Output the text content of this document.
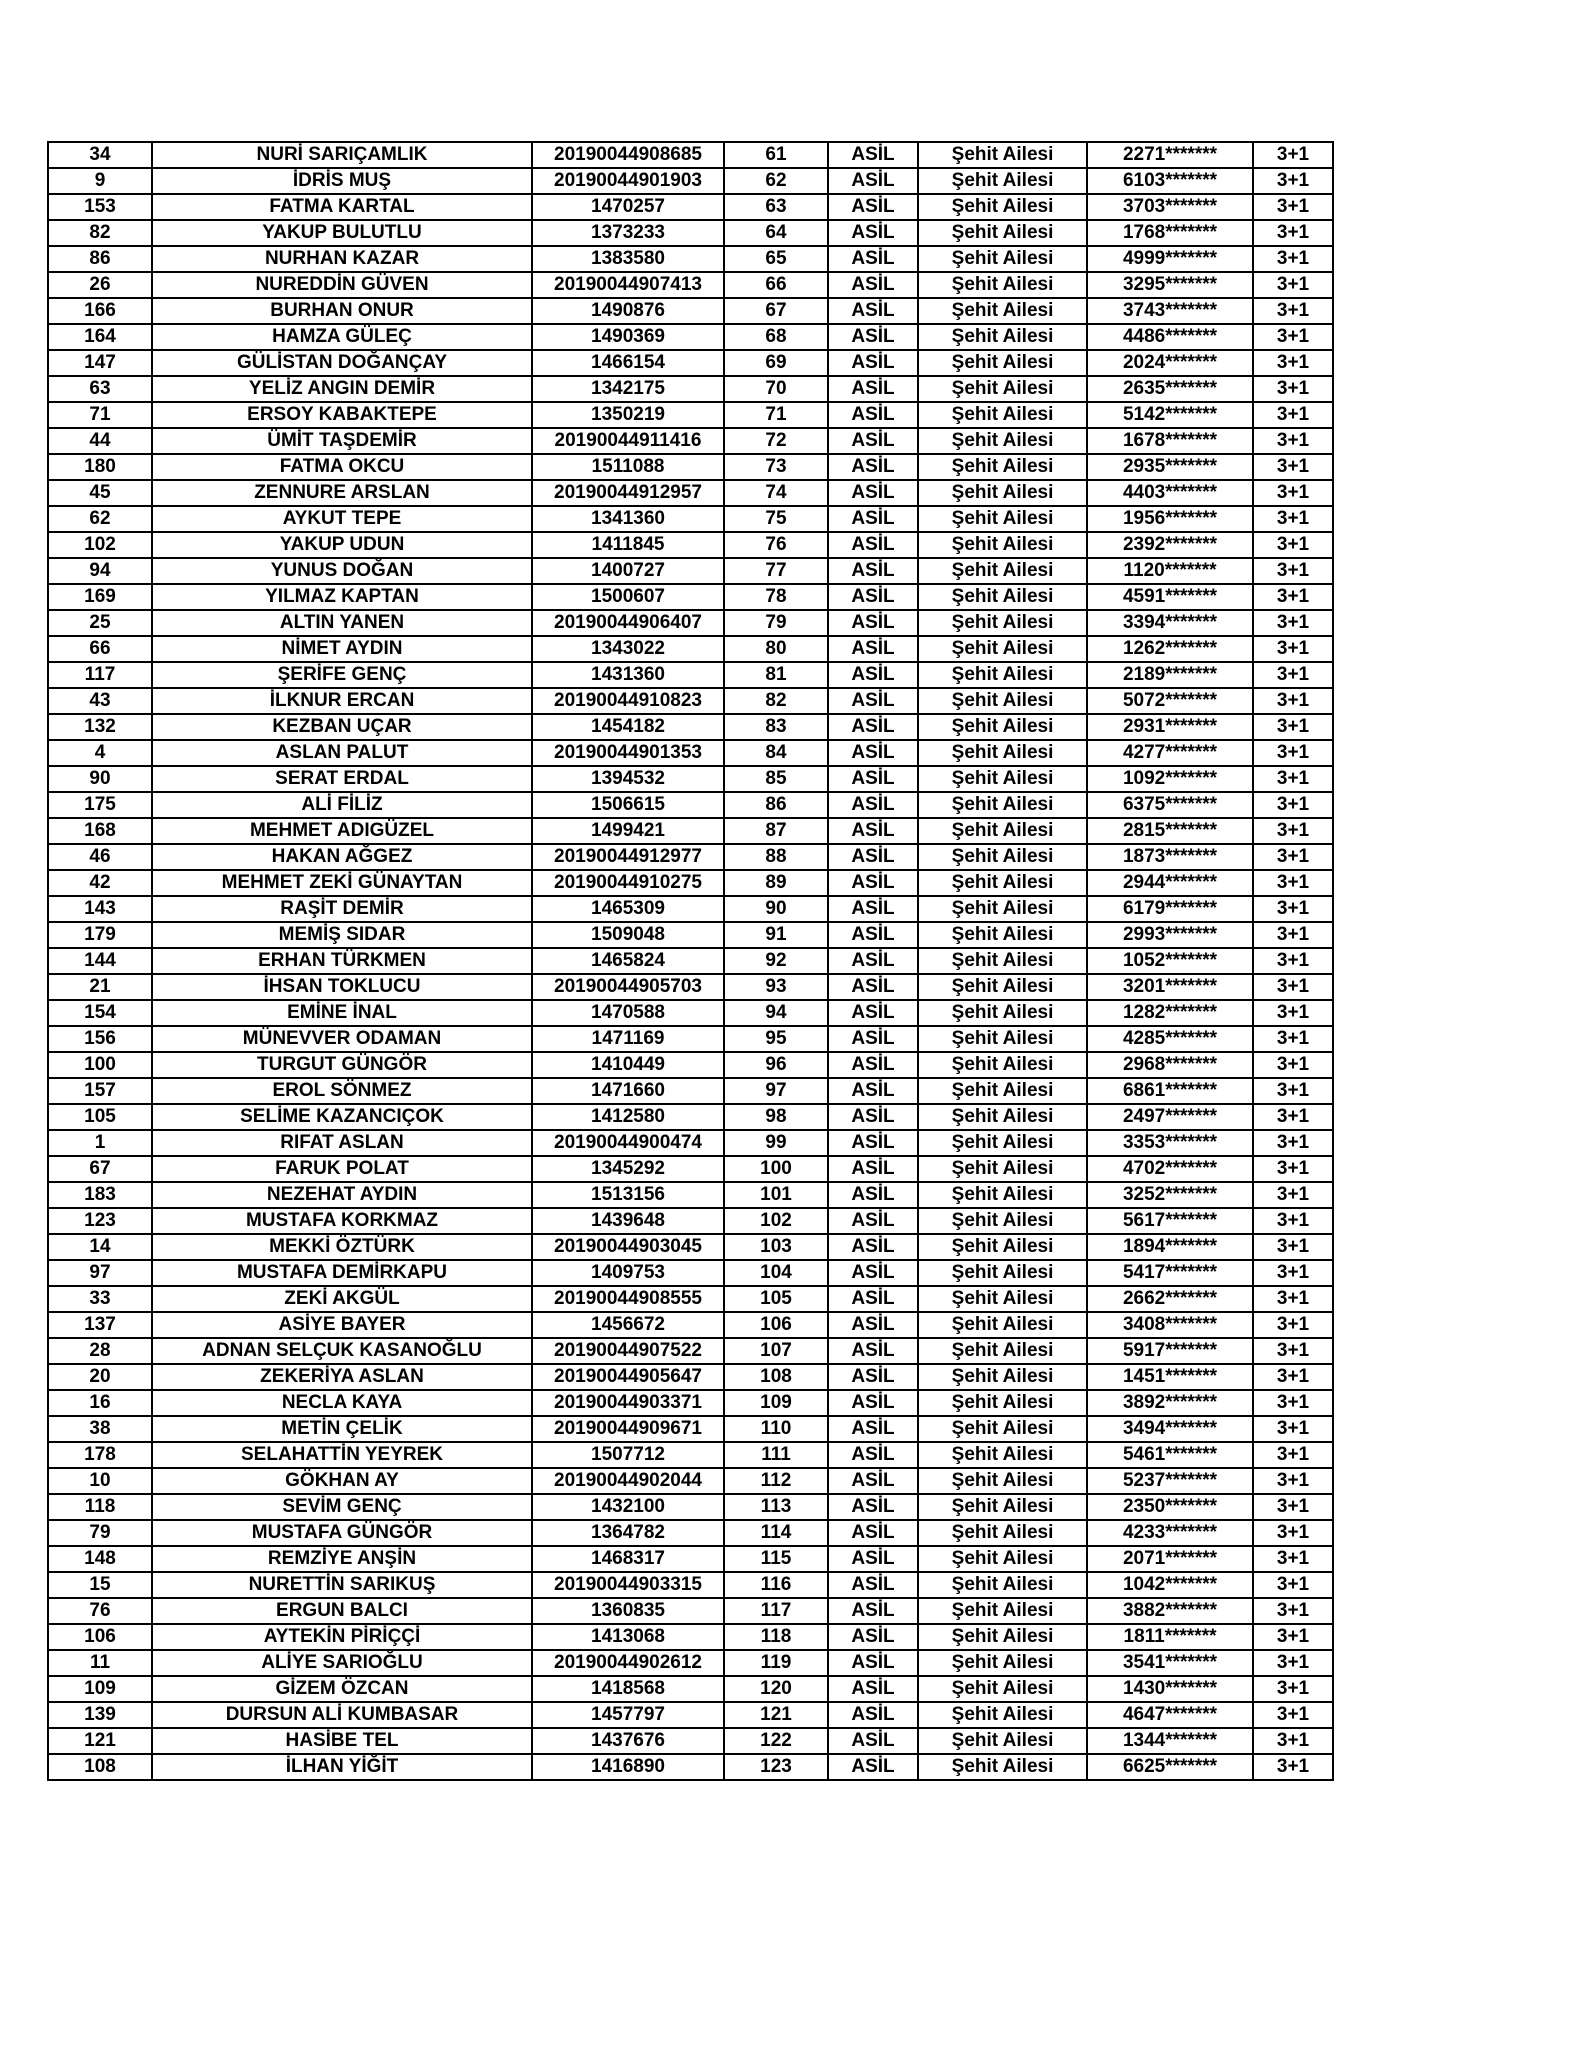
34	NURİ SARIÇAMLIK	20190044908685	61	ASİL	Şehit Ailesi	2271*******	3+1
9	İDRİS MUŞ	20190044901903	62	ASİL	Şehit Ailesi	6103*******	3+1
153	FATMA KARTAL	1470257	63	ASİL	Şehit Ailesi	3703*******	3+1
82	YAKUP BULUTLU	1373233	64	ASİL	Şehit Ailesi	1768*******	3+1
86	NURHAN KAZAR	1383580	65	ASİL	Şehit Ailesi	4999*******	3+1
26	NUREDDİN GÜVEN	20190044907413	66	ASİL	Şehit Ailesi	3295*******	3+1
166	BURHAN ONUR	1490876	67	ASİL	Şehit Ailesi	3743*******	3+1
164	HAMZA GÜLEÇ	1490369	68	ASİL	Şehit Ailesi	4486*******	3+1
147	GÜLİSTAN DOĞANÇAY	1466154	69	ASİL	Şehit Ailesi	2024*******	3+1
63	YELİZ ANGIN DEMİR	1342175	70	ASİL	Şehit Ailesi	2635*******	3+1
71	ERSOY KABAKTEPE	1350219	71	ASİL	Şehit Ailesi	5142*******	3+1
44	ÜMİT TAŞDEMİR	20190044911416	72	ASİL	Şehit Ailesi	1678*******	3+1
180	FATMA OKCU	1511088	73	ASİL	Şehit Ailesi	2935*******	3+1
45	ZENNURE ARSLAN	20190044912957	74	ASİL	Şehit Ailesi	4403*******	3+1
62	AYKUT TEPE	1341360	75	ASİL	Şehit Ailesi	1956*******	3+1
102	YAKUP UDUN	1411845	76	ASİL	Şehit Ailesi	2392*******	3+1
94	YUNUS DOĞAN	1400727	77	ASİL	Şehit Ailesi	1120*******	3+1
169	YILMAZ KAPTAN	1500607	78	ASİL	Şehit Ailesi	4591*******	3+1
25	ALTIN YANEN	20190044906407	79	ASİL	Şehit Ailesi	3394*******	3+1
66	NİMET AYDIN	1343022	80	ASİL	Şehit Ailesi	1262*******	3+1
117	ŞERİFE GENÇ	1431360	81	ASİL	Şehit Ailesi	2189*******	3+1
43	İLKNUR ERCAN	20190044910823	82	ASİL	Şehit Ailesi	5072*******	3+1
132	KEZBAN UÇAR	1454182	83	ASİL	Şehit Ailesi	2931*******	3+1
4	ASLAN PALUT	20190044901353	84	ASİL	Şehit Ailesi	4277*******	3+1
90	SERAT ERDAL	1394532	85	ASİL	Şehit Ailesi	1092*******	3+1
175	ALİ FİLİZ	1506615	86	ASİL	Şehit Ailesi	6375*******	3+1
168	MEHMET ADIGÜZEL	1499421	87	ASİL	Şehit Ailesi	2815*******	3+1
46	HAKAN AĞGEZ	20190044912977	88	ASİL	Şehit Ailesi	1873*******	3+1
42	MEHMET ZEKİ GÜNAYTAN	20190044910275	89	ASİL	Şehit Ailesi	2944*******	3+1
143	RAŞİT DEMİR	1465309	90	ASİL	Şehit Ailesi	6179*******	3+1
179	MEMİŞ SIDAR	1509048	91	ASİL	Şehit Ailesi	2993*******	3+1
144	ERHAN TÜRKMEN	1465824	92	ASİL	Şehit Ailesi	1052*******	3+1
21	İHSAN TOKLUCU	20190044905703	93	ASİL	Şehit Ailesi	3201*******	3+1
154	EMİNE İNAL	1470588	94	ASİL	Şehit Ailesi	1282*******	3+1
156	MÜNEVVER ODAMAN	1471169	95	ASİL	Şehit Ailesi	4285*******	3+1
100	TURGUT GÜNGÖR	1410449	96	ASİL	Şehit Ailesi	2968*******	3+1
157	EROL SÖNMEZ	1471660	97	ASİL	Şehit Ailesi	6861*******	3+1
105	SELİME KAZANCIÇOK	1412580	98	ASİL	Şehit Ailesi	2497*******	3+1
1	RIFAT ASLAN	20190044900474	99	ASİL	Şehit Ailesi	3353*******	3+1
67	FARUK POLAT	1345292	100	ASİL	Şehit Ailesi	4702*******	3+1
183	NEZEHAT AYDIN	1513156	101	ASİL	Şehit Ailesi	3252*******	3+1
123	MUSTAFA KORKMAZ	1439648	102	ASİL	Şehit Ailesi	5617*******	3+1
14	MEKKİ ÖZTÜRK	20190044903045	103	ASİL	Şehit Ailesi	1894*******	3+1
97	MUSTAFA DEMİRKAPU	1409753	104	ASİL	Şehit Ailesi	5417*******	3+1
33	ZEKİ AKGÜL	20190044908555	105	ASİL	Şehit Ailesi	2662*******	3+1
137	ASİYE BAYER	1456672	106	ASİL	Şehit Ailesi	3408*******	3+1
28	ADNAN SELÇUK KASANOĞLU	20190044907522	107	ASİL	Şehit Ailesi	5917*******	3+1
20	ZEKERİYA ASLAN	20190044905647	108	ASİL	Şehit Ailesi	1451*******	3+1
16	NECLA KAYA	20190044903371	109	ASİL	Şehit Ailesi	3892*******	3+1
38	METİN ÇELİK	20190044909671	110	ASİL	Şehit Ailesi	3494*******	3+1
178	SELAHATTİN YEYREK	1507712	111	ASİL	Şehit Ailesi	5461*******	3+1
10	GÖKHAN AY	20190044902044	112	ASİL	Şehit Ailesi	5237*******	3+1
118	SEVİM GENÇ	1432100	113	ASİL	Şehit Ailesi	2350*******	3+1
79	MUSTAFA GÜNGÖR	1364782	114	ASİL	Şehit Ailesi	4233*******	3+1
148	REMZİYE ANŞİN	1468317	115	ASİL	Şehit Ailesi	2071*******	3+1
15	NURETTİN SARIKUŞ	20190044903315	116	ASİL	Şehit Ailesi	1042*******	3+1
76	ERGUN BALCI	1360835	117	ASİL	Şehit Ailesi	3882*******	3+1
106	AYTEKİN PİRİÇÇİ	1413068	118	ASİL	Şehit Ailesi	1811*******	3+1
11	ALİYE SARIOĞLU	20190044902612	119	ASİL	Şehit Ailesi	3541*******	3+1
109	GİZEM ÖZCAN	1418568	120	ASİL	Şehit Ailesi	1430*******	3+1
139	DURSUN ALİ KUMBASAR	1457797	121	ASİL	Şehit Ailesi	4647*******	3+1
121	HASİBE TEL	1437676	122	ASİL	Şehit Ailesi	1344*******	3+1
108	İLHAN YİĞİT	1416890	123	ASİL	Şehit Ailesi	6625*******	3+1
